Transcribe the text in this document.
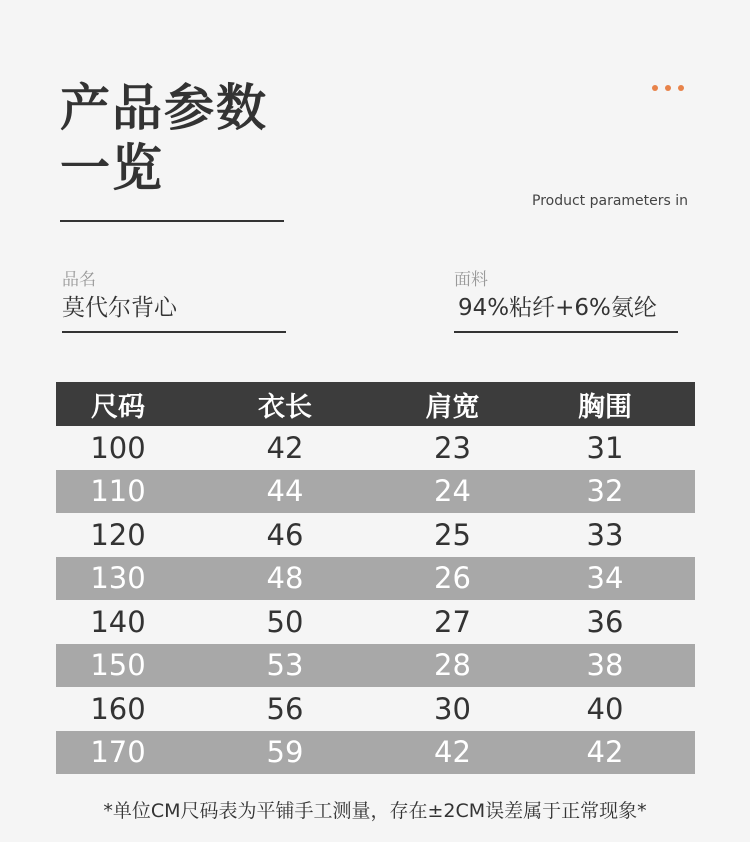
产品参数
一览
Product parameters in
品名
莫代尔背心
面料
94%粘纤+6%氨纶
尺码	衣长	肩宽	胸围
100	42	23	31
110	44	24	32
120	46	25	33
130	48	26	34
140	50	27	36
150	53	28	38
160	56	30	40
170	59	42	42
*单位CM尺码表为平铺手工测量，存在±2CM误差属于正常现象*
